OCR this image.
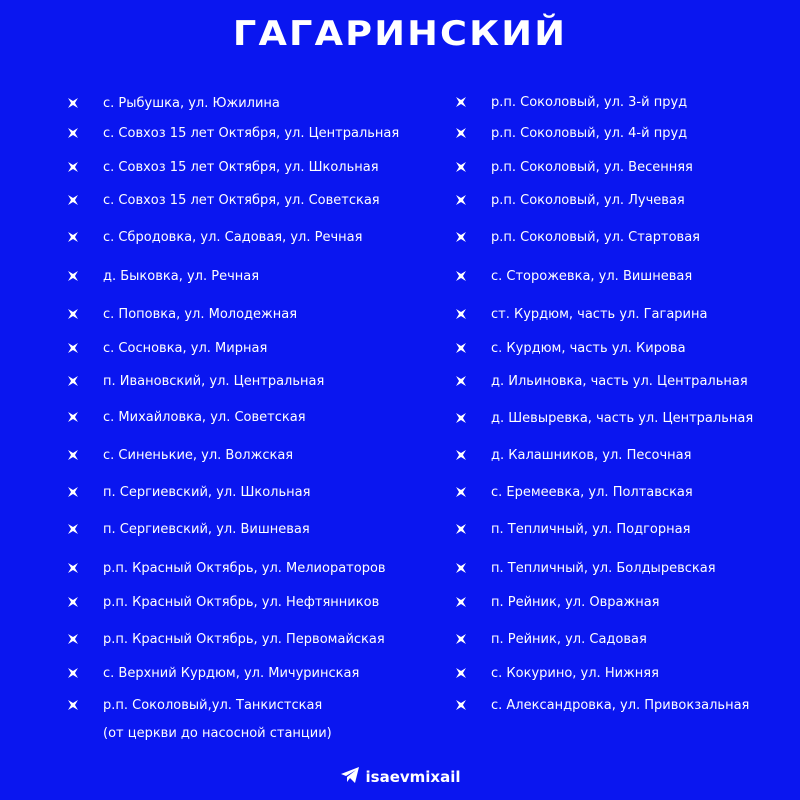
ГАГАРИНСКИЙ
с. Рыбушка, ул. Южилина
с. Совхоз 15 лет Октября, ул. Центральная
с. Совхоз 15 лет Октября, ул. Школьная
с. Совхоз 15 лет Октября, ул. Советская
с. Сбродовка, ул. Садовая, ул. Речная
д. Быковка, ул. Речная
с. Поповка, ул. Молодежная
с. Сосновка, ул. Мирная
п. Ивановский, ул. Центральная
с. Михайловка, ул. Советская
с. Синенькие, ул. Волжская
п. Сергиевский, ул. Школьная
п. Сергиевский, ул. Вишневая
р.п. Красный Октябрь, ул. Мелиораторов
р.п. Красный Октябрь, ул. Нефтянников
р.п. Красный Октябрь, ул. Первомайская
с. Верхний Курдюм, ул. Мичуринская
р.п. Соколовый,ул. Танкистская
(от церкви до насосной станции)
р.п. Соколовый, ул. 3-й пруд
р.п. Соколовый, ул. 4-й пруд
р.п. Соколовый, ул. Весенняя
р.п. Соколовый, ул. Лучевая
р.п. Соколовый, ул. Стартовая
с. Сторожевка, ул. Вишневая
ст. Курдюм, часть ул. Гагарина
с. Курдюм, часть ул. Кирова
д. Ильиновка, часть ул. Центральная
д. Шевыревка, часть ул. Центральная
д. Калашников, ул. Песочная
с. Еремеевка, ул. Полтавская
п. Тепличный, ул. Подгорная
п. Тепличный, ул. Болдыревская
п. Рейник, ул. Овражная
п. Рейник, ул. Садовая
с. Кокурино, ул. Нижняя
с. Александровка, ул. Привокзальная
isaevmixail
